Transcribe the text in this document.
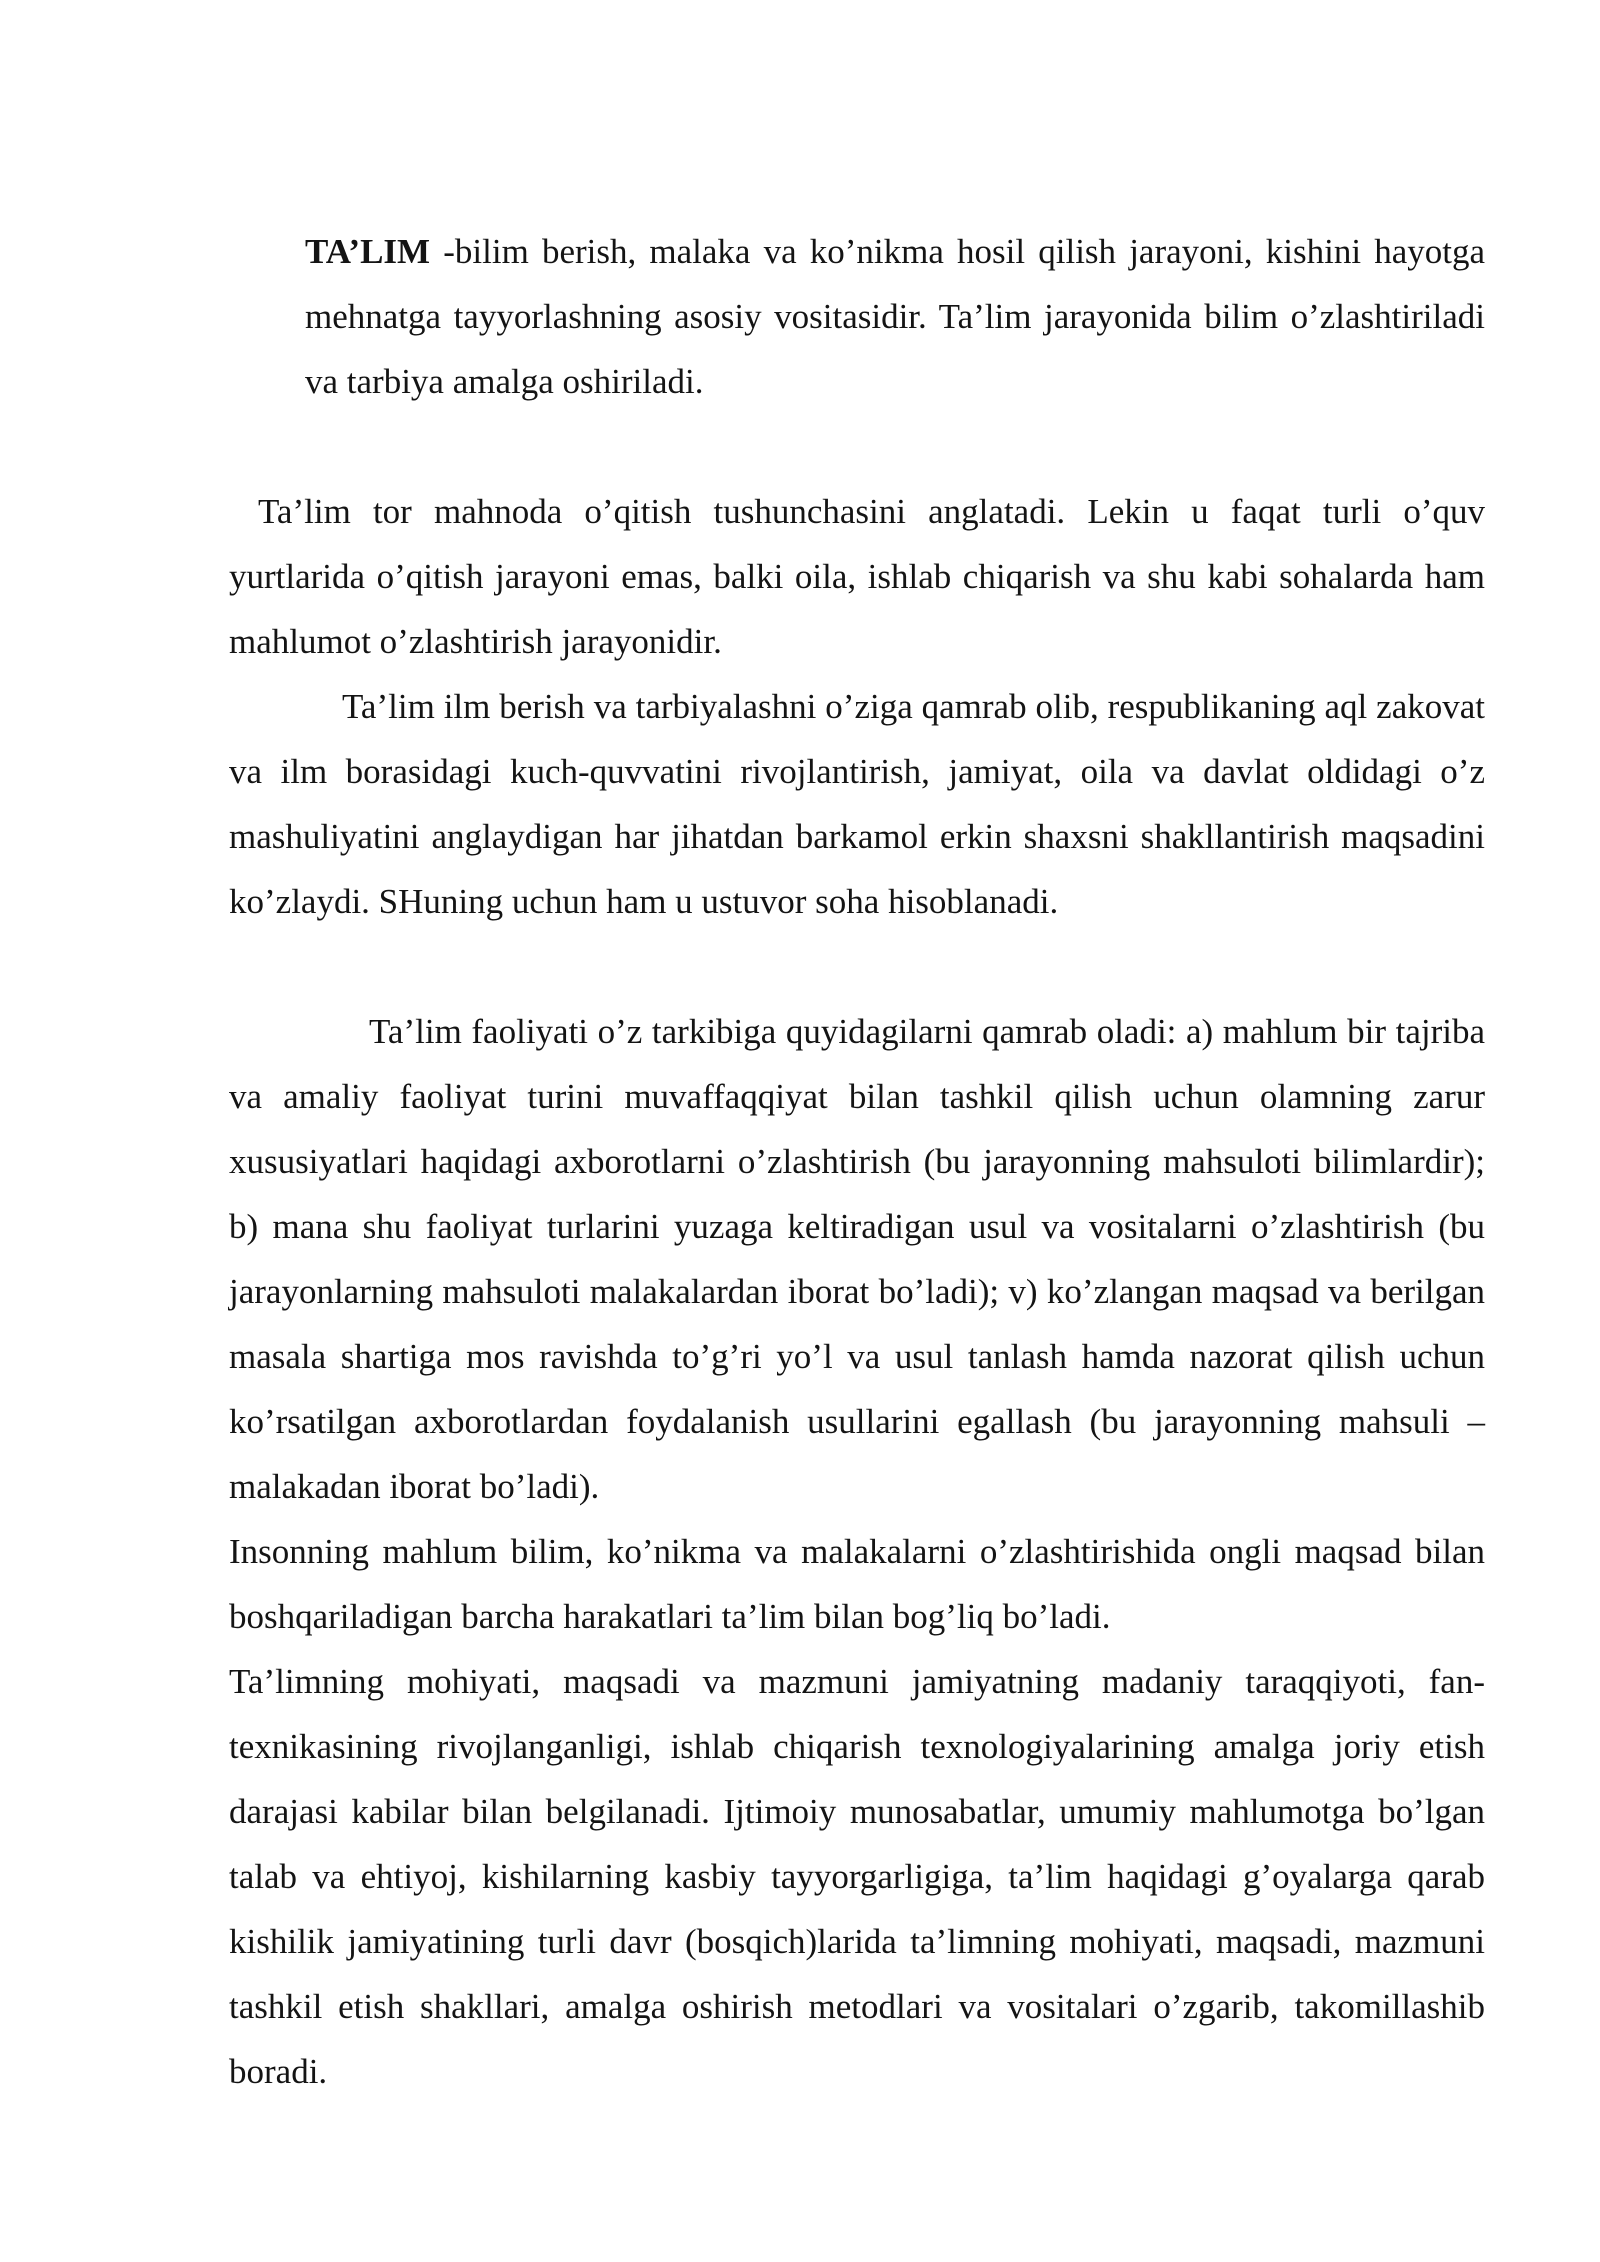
TA’LIM -bilim berish, malaka va ko’nikma hosil qilish jarayoni, kishini hayotga mehnatga tayyorlashning asosiy vositasidir. Ta’lim jarayonida bilim o’zlashtiriladi va tarbiya amalga oshiriladi.

Ta’lim tor mahnoda o’qitish tushunchasini anglatadi. Lekin u faqat turli o’quv yurtlarida o’qitish jarayoni emas, balki oila, ishlab chiqarish va shu kabi sohalarda ham mahlumot o’zlashtirish jarayonidir.

Ta’lim ilm berish va tarbiyalashni o’ziga qamrab olib, respublikaning aql zakovat va ilm borasidagi kuch-quvvatini rivojlantirish, jamiyat, oila va davlat oldidagi o’z mashuliyatini anglaydigan har jihatdan barkamol erkin shaxsni shakllantirish maqsadini ko’zlaydi. SHuning uchun ham u ustuvor soha hisoblanadi.

Ta’lim faoliyati o’z tarkibiga quyidagilarni qamrab oladi: a) mahlum bir tajriba va amaliy faoliyat turini muvaffaqqiyat bilan tashkil qilish uchun olamning zarur xususiyatlari haqidagi axborotlarni o’zlashtirish (bu jarayonning mahsuloti bilimlardir); b) mana shu faoliyat turlarini yuzaga keltiradigan usul va vositalarni o’zlashtirish (bu jarayonlarning mahsuloti malakalardan iborat bo’ladi); v) ko’zlangan maqsad va berilgan masala shartiga mos ravishda to’g’ri yo’l va usul tanlash hamda nazorat qilish uchun ko’rsatilgan axborotlardan foydalanish usullarini egallash (bu jarayonning mahsuli – malakadan iborat bo’ladi).

Insonning mahlum bilim, ko’nikma va malakalarni o’zlashtirishida ongli maqsad bilan boshqariladigan barcha harakatlari ta’lim bilan bog’liq bo’ladi.

Ta’limning mohiyati, maqsadi va mazmuni jamiyatning madaniy taraqqiyoti, fan-texnikasining rivojlanganligi, ishlab chiqarish texnologiyalarining amalga joriy etish darajasi kabilar bilan belgilanadi. Ijtimoiy munosabatlar, umumiy mahlumotga bo’lgan talab va ehtiyoj, kishilarning kasbiy tayyorgarligiga, ta’lim haqidagi g’oyalarga qarab kishilik jamiyatining turli davr (bosqich)larida ta’limning mohiyati, maqsadi, mazmuni tashkil etish shakllari, amalga oshirish metodlari va vositalari o’zgarib, takomillashib boradi.
